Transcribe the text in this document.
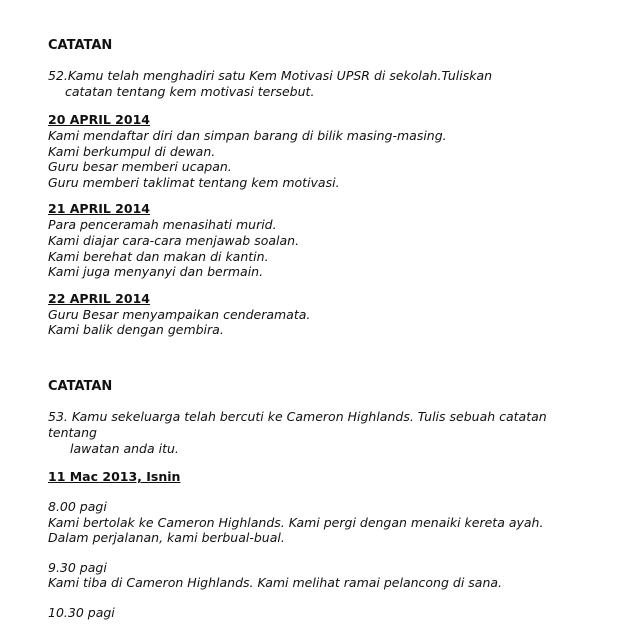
CATATAN
52.Kamu telah menghadiri satu Kem Motivasi UPSR di sekolah.Tuliskan
catatan tentang kem motivasi tersebut.
20 APRIL 2014
Kami mendaftar diri dan simpan barang di bilik masing-masing.
Kami berkumpul di dewan.
Guru besar memberi ucapan.
Guru memberi taklimat tentang kem motivasi.
21 APRIL 2014
Para penceramah menasihati murid.
Kami diajar cara-cara menjawab soalan.
Kami berehat dan makan di kantin.
Kami juga menyanyi dan bermain.
22 APRIL 2014
Guru Besar menyampaikan cenderamata.
Kami balik dengan gembira.
CATATAN
53. Kamu sekeluarga telah bercuti ke Cameron Highlands. Tulis sebuah catatan
tentang
lawatan anda itu.
11 Mac 2013, Isnin
8.00 pagi
Kami bertolak ke Cameron Highlands. Kami pergi dengan menaiki kereta ayah.
Dalam perjalanan, kami berbual-bual.
9.30 pagi
Kami tiba di Cameron Highlands. Kami melihat ramai pelancong di sana.
10.30 pagi
